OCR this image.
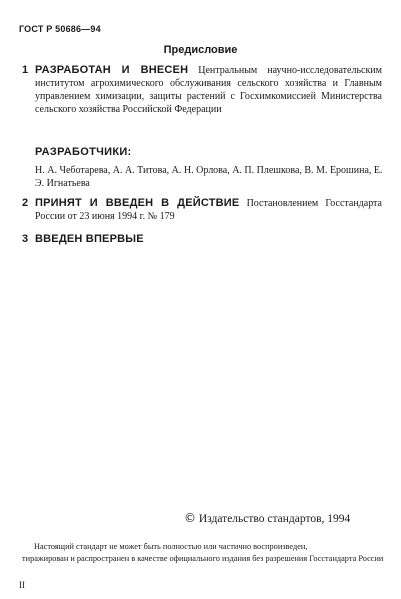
ГОСТ Р 50686—94
Предисловие
1 РАЗРАБОТАН И ВНЕСЕН Центральным научно-исследовательским институтом агрохимического обслуживания сельского хозяйства и Главным управлением химизации, защиты растений с Госхимкомиссией Министерства сельского хозяйства Российской Федерации
РАЗРАБОТЧИКИ:
Н. А. Чеботарева, А. А. Титова, А. Н. Орлова, А. П. Плешкова, В. М. Ерошина, Е. Э. Игнатьева
2 ПРИНЯТ И ВВЕДЕН В ДЕЙСТВИЕ Постановлением Госстандарта России от 23 июня 1994 г. № 179
3 ВВЕДЕН ВПЕРВЫЕ
© Издательство стандартов, 1994
Настоящий стандарт не может быть полностью или частично воспроизведен,
тиражирован и распространен в качестве официального издания без разрешения Госстандарта России
II
